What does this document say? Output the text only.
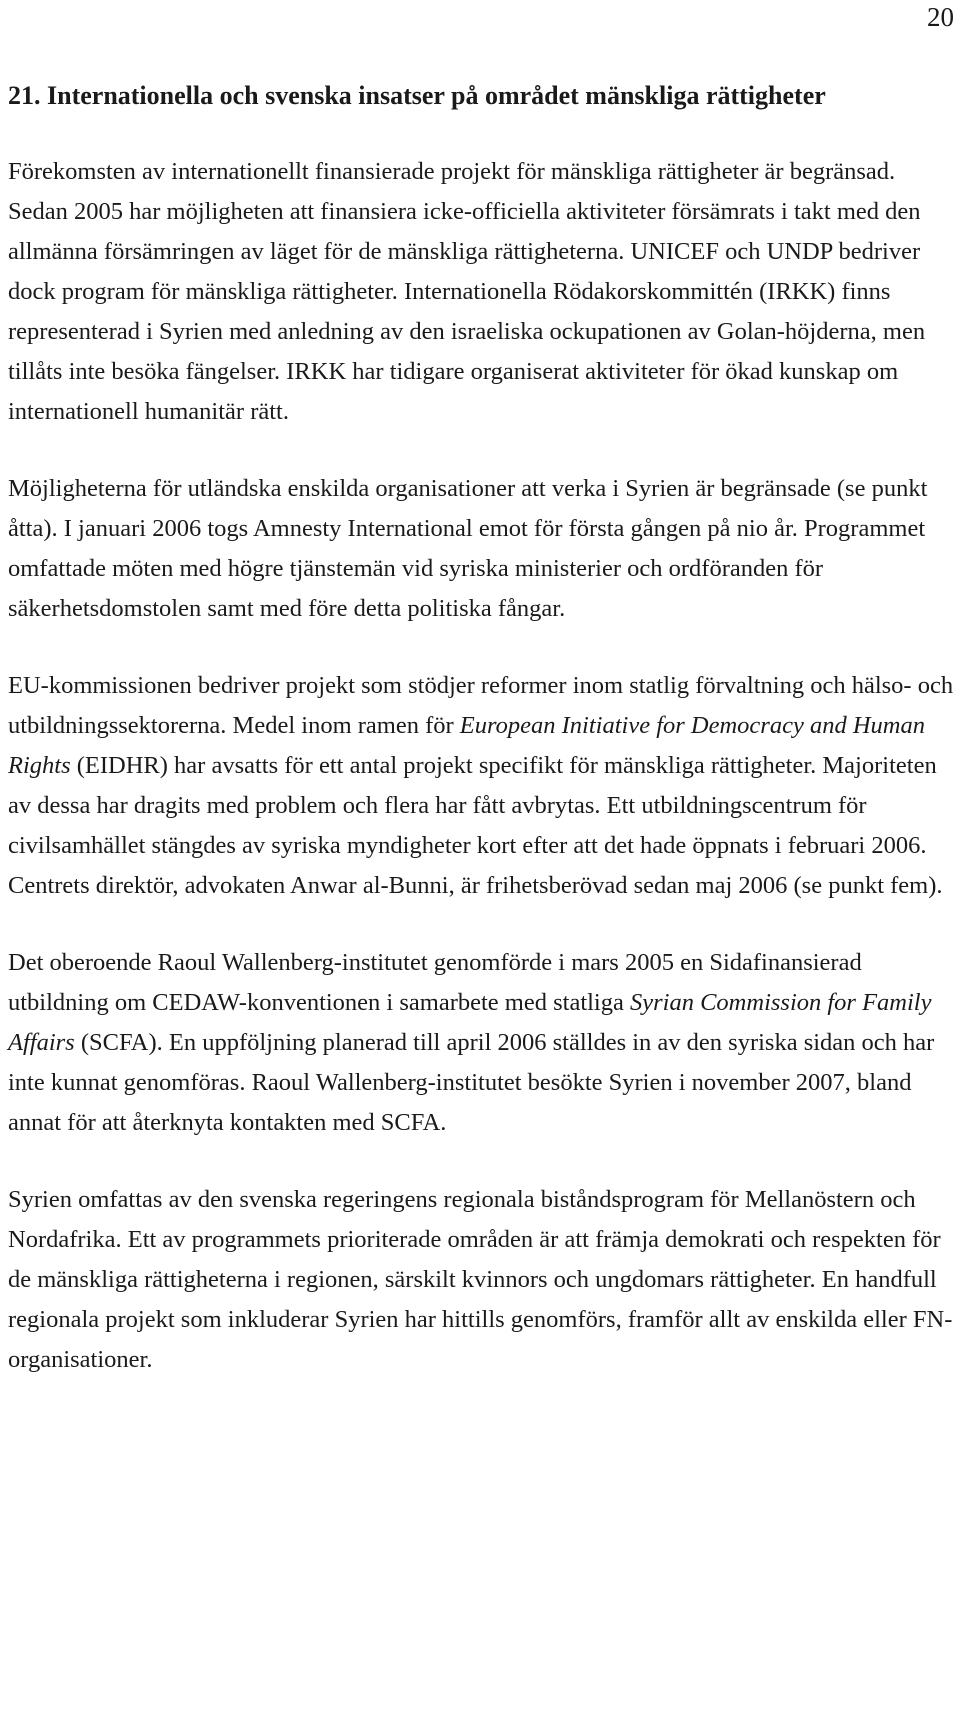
20
21. Internationella och svenska insatser på området mänskliga rättigheter

Förekomsten av internationellt finansierade projekt för mänskliga rättigheter är begränsad. Sedan 2005 har möjligheten att finansiera icke-officiella aktiviteter försämrats i takt med den allmänna försämringen av läget för de mänskliga rättigheterna. UNICEF och UNDP bedriver dock program för mänskliga rättigheter. Internationella Rödakorskommittén (IRKK) finns representerad i Syrien med anledning av den israeliska ockupationen av Golan-höjderna, men tillåts inte besöka fängelser. IRKK har tidigare organiserat aktiviteter för ökad kunskap om internationell humanitär rätt.

Möjligheterna för utländska enskilda organisationer att verka i Syrien är begränsade (se punkt åtta). I januari 2006 togs Amnesty International emot för första gången på nio år. Programmet omfattade möten med högre tjänstemän vid syriska ministerier och ordföranden för säkerhetsdomstolen samt med före detta politiska fångar.

EU-kommissionen bedriver projekt som stödjer reformer inom statlig förvaltning och hälso- och utbildningssektorerna. Medel inom ramen för European Initiative for Democracy and Human Rights (EIDHR) har avsatts för ett antal projekt specifikt för mänskliga rättigheter. Majoriteten av dessa har dragits med problem och flera har fått avbrytas. Ett utbildningscentrum för civilsamhället stängdes av syriska myndigheter kort efter att det hade öppnats i februari 2006. Centrets direktör, advokaten Anwar al-Bunni, är frihetsberövad sedan maj 2006 (se punkt fem).

Det oberoende Raoul Wallenberg-institutet genomförde i mars 2005 en Sidafinansierad utbildning om CEDAW-konventionen i samarbete med statliga Syrian Commission for Family Affairs (SCFA). En uppföljning planerad till april 2006 ställdes in av den syriska sidan och har inte kunnat genomföras. Raoul Wallenberg-institutet besökte Syrien i november 2007, bland annat för att återknyta kontakten med SCFA.

Syrien omfattas av den svenska regeringens regionala biståndsprogram för Mellanöstern och Nordafrika. Ett av programmets prioriterade områden är att främja demokrati och respekten för de mänskliga rättigheterna i regionen, särskilt kvinnors och ungdomars rättigheter. En handfull regionala projekt som inkluderar Syrien har hittills genomförs, framför allt av enskilda eller FN-organisationer.
